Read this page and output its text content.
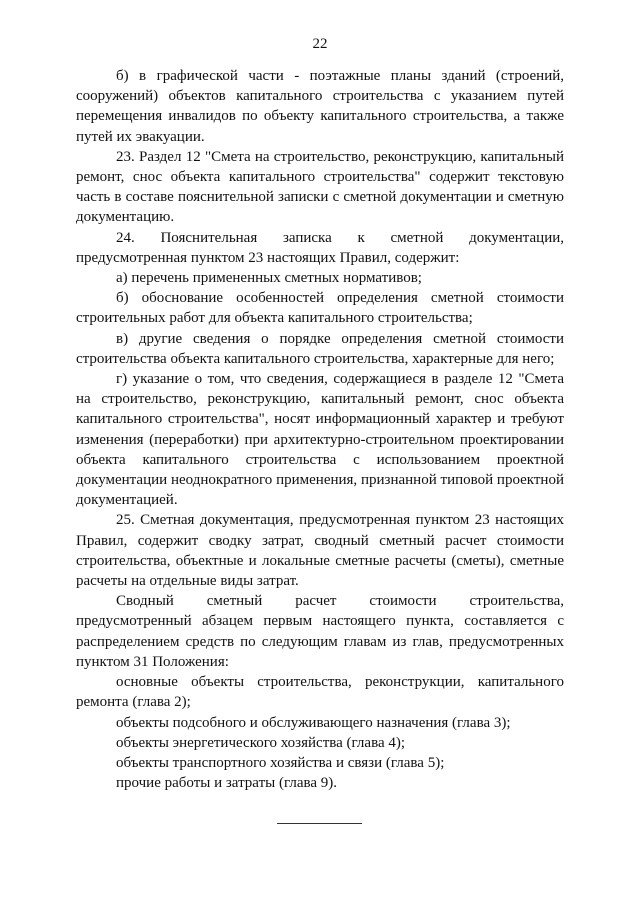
22

б) в графической части - поэтажные планы зданий (строений, сооружений) объектов капитального строительства с указанием путей перемещения инвалидов по объекту капитального строительства, а также путей их эвакуации.

23. Раздел 12 "Смета на строительство, реконструкцию, капитальный ремонт, снос объекта капитального строительства" содержит текстовую часть в составе пояснительной записки с сметной документации и сметную документацию.

24. Пояснительная записка к сметной документации, предусмотренная пунктом 23 настоящих Правил, содержит:

а) перечень примененных сметных нормативов;

б) обоснование особенностей определения сметной стоимости строительных работ для объекта капитального строительства;

в) другие сведения о порядке определения сметной стоимости строительства объекта капитального строительства, характерные для него;

г) указание о том, что сведения, содержащиеся в разделе 12 "Смета на строительство, реконструкцию, капитальный ремонт, снос объекта капитального строительства", носят информационный характер и требуют изменения (переработки) при архитектурно-строительном проектировании объекта капитального строительства с использованием проектной документации неоднократного применения, признанной типовой проектной документацией.

25. Сметная документация, предусмотренная пунктом 23 настоящих Правил, содержит сводку затрат, сводный сметный расчет стоимости строительства, объектные и локальные сметные расчеты (сметы), сметные расчеты на отдельные виды затрат.

Сводный сметный расчет стоимости строительства, предусмотренный абзацем первым настоящего пункта, составляется с распределением средств по следующим главам из глав, предусмотренных пунктом 31 Положения:

основные объекты строительства, реконструкции, капитального ремонта (глава 2);

объекты подсобного и обслуживающего назначения (глава 3);

объекты энергетического хозяйства (глава 4);

объекты транспортного хозяйства и связи (глава 5);

прочие работы и затраты (глава 9).
